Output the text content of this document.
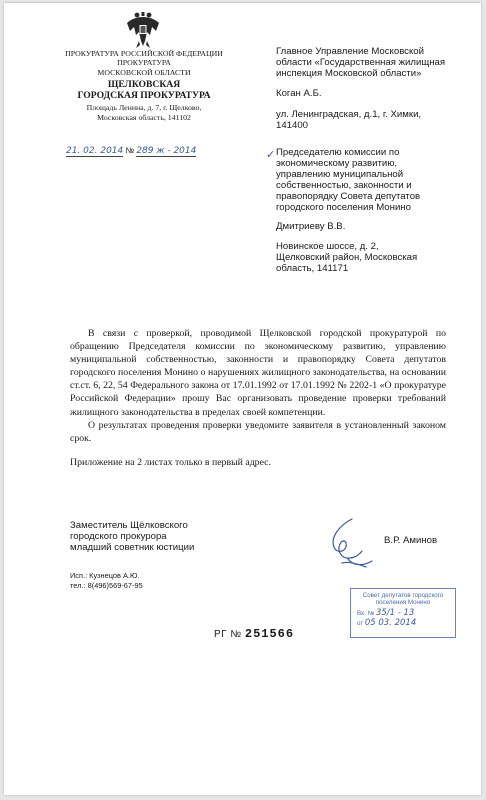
ПРОКУРАТУРА РОССИЙСКОЙ ФЕДЕРАЦИИ
ПРОКУРАТУРА
МОСКОВСКОЙ ОБЛАСТИ
ЩЕЛКОВСКАЯ
ГОРОДСКАЯ ПРОКУРАТУРА
Площадь Ленина, д. 7, г. Щелково,
Московская область, 141102
21. 02. 2014 № 289 ж - 2014
Главное Управление Московской
области «Государственная жилищная
инспекция Московской области»
Коган А.Б.
ул. Ленинградская, д.1, г. Химки,
141400
✓ Председателю комиссии по
экономическому развитию,
управлению муниципальной
собственностью, законности и
правопорядку Совета депутатов
городского поселения Монино
Дмитриеву В.В.
Новинское шоссе, д. 2,
Щелковский район, Московская
область, 141171

В связи с проверкой, проводимой Щелковской городской прокуратурой по обращению Председателя комиссии по экономическому развитию, управлению муниципальной собственностью, законности и правопорядку Совета депутатов городского поселения Монино о нарушениях жилищного законодательства, на основании ст.ст. 6, 22, 54 Федерального закона от 17.01.1992 от 17.01.1992 № 2202-1 «О прокуратуре Российской Федерации» прошу Вас организовать проведение проверки требований жилищного законодательства в пределах своей компетенции.

О результатах проведения проверки уведомите заявителя в установленный законом срок.

Приложение на 2 листах только в первый адрес.

Заместитель Щёлковского
городского прокурора
младший советник юстиции
В.Р. Аминов
Исп.: Кузнецов А.Ю.
тел.: 8(496)569-67-95
Совет депутатов городского
поселения Монино
Вх. № 35/1 - 13
от 05 03. 2014
РГ № 251566
